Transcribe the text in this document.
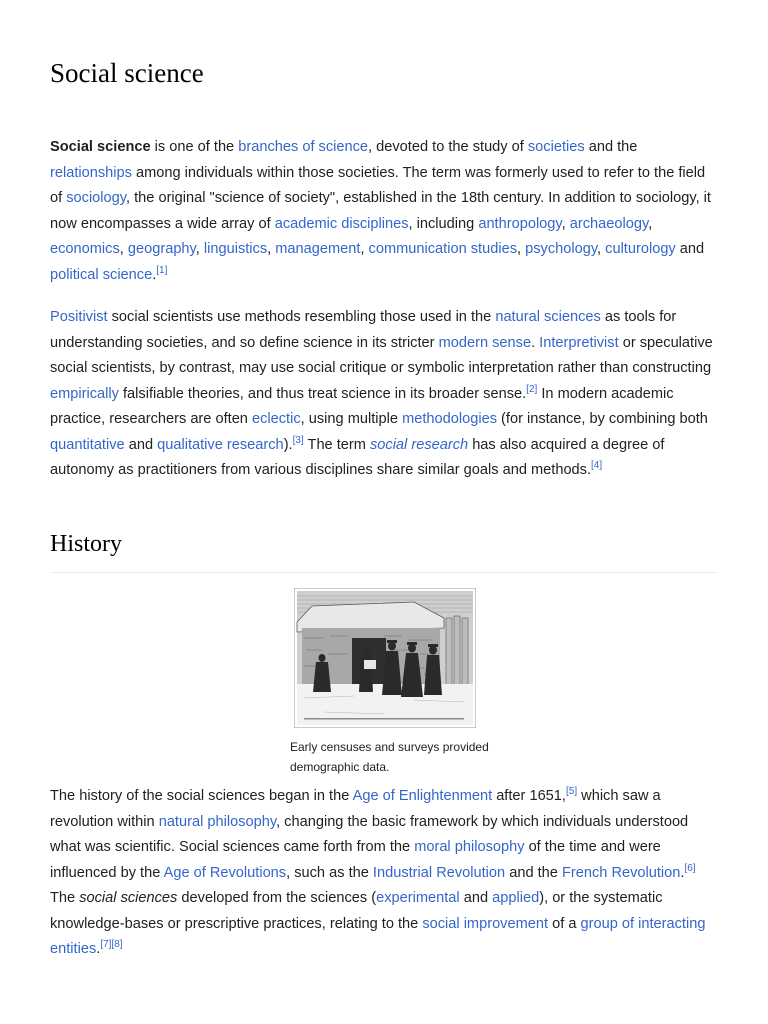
Social science

Social science is one of the branches of science, devoted to the study of societies and the relationships among individuals within those societies. The term was formerly used to refer to the field of sociology, the original "science of society", established in the 18th century. In addition to sociology, it now encompasses a wide array of academic disciplines, including anthropology, archaeology, economics, geography, linguistics, management, communication studies, psychology, culturology and political science.[1]

Positivist social scientists use methods resembling those used in the natural sciences as tools for understanding societies, and so define science in its stricter modern sense. Interpretivist or speculative social scientists, by contrast, may use social critique or symbolic interpretation rather than constructing empirically falsifiable theories, and thus treat science in its broader sense.[2] In modern academic practice, researchers are often eclectic, using multiple methodologies (for instance, by combining both quantitative and qualitative research).[3] The term social research has also acquired a degree of autonomy as practitioners from various disciplines share similar goals and methods.[4]

History
Early censuses and surveys provided demographic data.

The history of the social sciences began in the Age of Enlightenment after 1651,[5] which saw a revolution within natural philosophy, changing the basic framework by which individuals understood what was scientific. Social sciences came forth from the moral philosophy of the time and were influenced by the Age of Revolutions, such as the Industrial Revolution and the French Revolution.[6] The social sciences developed from the sciences (experimental and applied), or the systematic knowledge-bases or prescriptive practices, relating to the social improvement of a group of interacting entities.[7][8]
